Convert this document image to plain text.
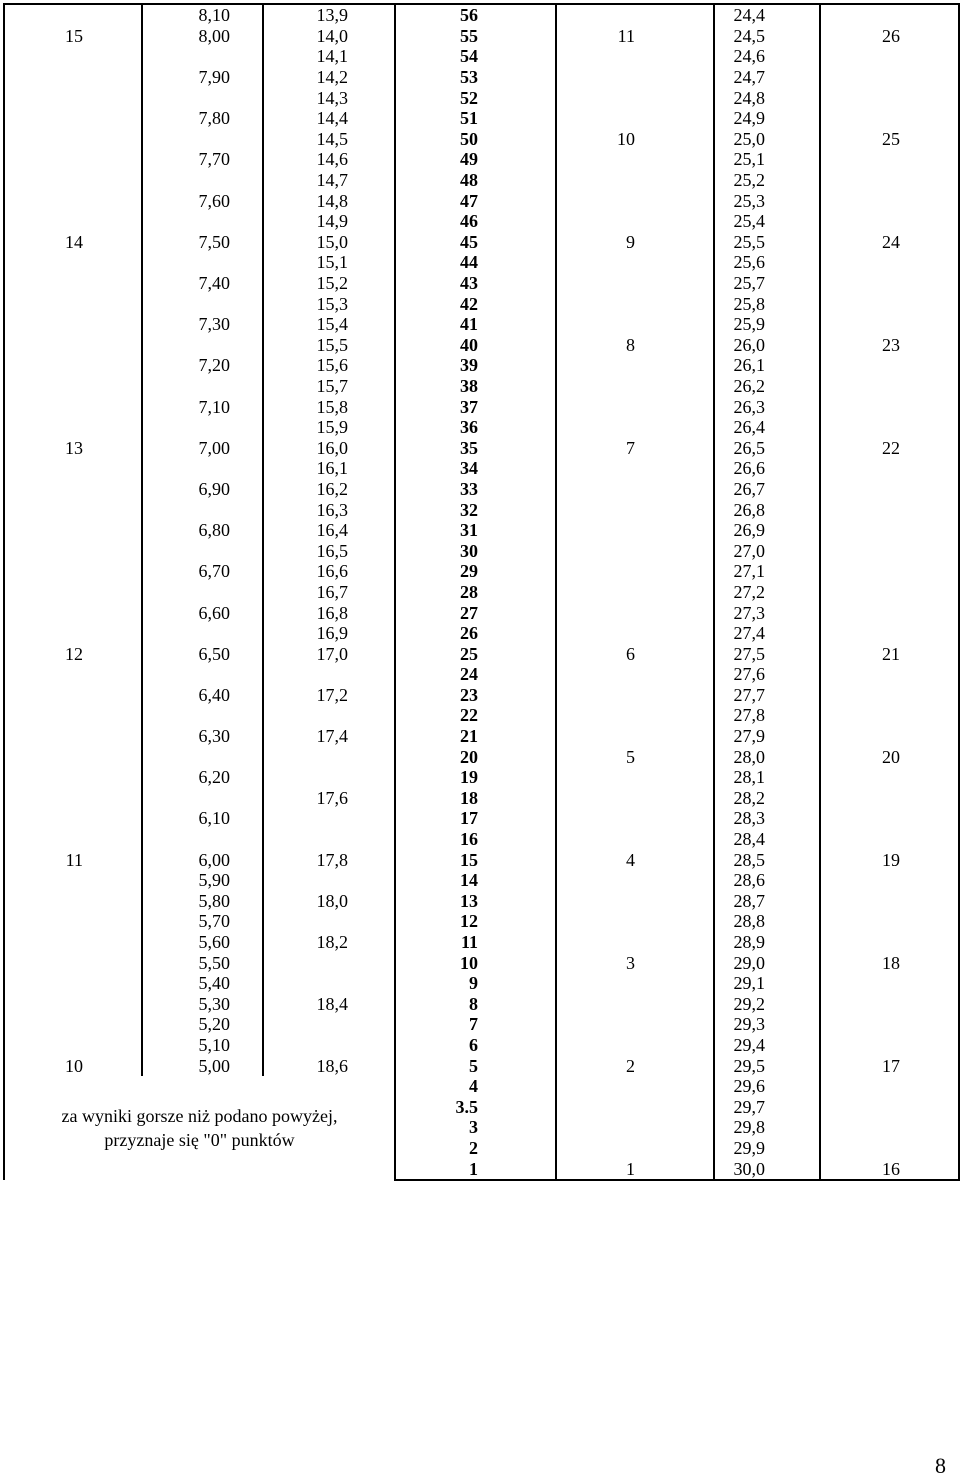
	8,10	13,9	56		24,4	
15	8,00	14,0	55	11	24,5	26
		14,1	54		24,6	
	7,90	14,2	53		24,7	
		14,3	52		24,8	
	7,80	14,4	51		24,9	
		14,5	50	10	25,0	25
	7,70	14,6	49		25,1	
		14,7	48		25,2	
	7,60	14,8	47		25,3	
		14,9	46		25,4	
14	7,50	15,0	45	9	25,5	24
		15,1	44		25,6	
	7,40	15,2	43		25,7	
		15,3	42		25,8	
	7,30	15,4	41		25,9	
		15,5	40	8	26,0	23
	7,20	15,6	39		26,1	
		15,7	38		26,2	
	7,10	15,8	37		26,3	
		15,9	36		26,4	
13	7,00	16,0	35	7	26,5	22
		16,1	34		26,6	
	6,90	16,2	33		26,7	
		16,3	32		26,8	
	6,80	16,4	31		26,9	
		16,5	30		27,0	
	6,70	16,6	29		27,1	
		16,7	28		27,2	
	6,60	16,8	27		27,3	
		16,9	26		27,4	
12	6,50	17,0	25	6	27,5	21
			24		27,6	
	6,40	17,2	23		27,7	
			22		27,8	
	6,30	17,4	21		27,9	
			20	5	28,0	20
	6,20		19		28,1	
		17,6	18		28,2	
	6,10		17		28,3	
			16		28,4	
11	6,00	17,8	15	4	28,5	19
	5,90		14		28,6	
	5,80	18,0	13		28,7	
	5,70		12		28,8	
	5,60	18,2	11		28,9	
	5,50		10	3	29,0	18
	5,40		9		29,1	
	5,30	18,4	8		29,2	
	5,20		7		29,3	
	5,10		6		29,4	
10	5,00	18,6	5	2	29,5	17

za wyniki gorsze niż podano powyżej,
przyznaje się "0" punktów			4		29,6	
			3.5		29,7	
			3		29,8	
			2		29,9	
			1	1	30,0	16
8
